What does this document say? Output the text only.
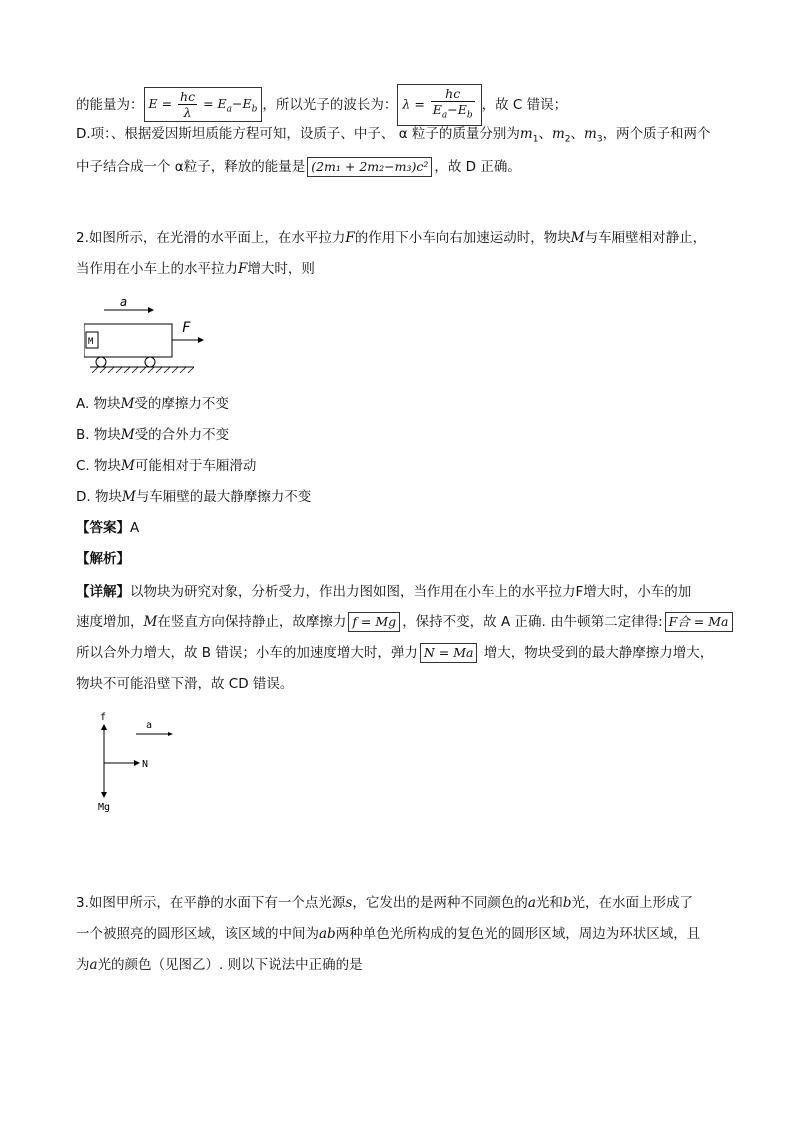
的能量为： $E = \frac{hc}{\lambda} = E_a-E_b$ ，所以光子的波长为： $\lambda = \frac{hc}{E_a-E_b}$ ，故 C 错误；
D.项：、根据爱因斯坦质能方程可知，设质子、中子、 α 粒子的质量分别为$m_1$、$m_2$、$m_3$，两个质子和两个
中子结合成一个 α粒子，释放的能量是 (2m₁ + 2m₂−m₃)c² ，故 D 正确。
2.如图所示，在光滑的水平面上，在水平拉力F的作用下小车向右加速运动时，物块M与车厢壁相对静止，
当作用在小车上的水平拉力F增大时，则
a
M
F
A. 物块M受的摩擦力不变
B. 物块M受的合外力不变
C. 物块M可能相对于车厢滑动
D. 物块M与车厢壁的最大静摩擦力不变
【答案】A
【解析】
【详解】以物块为研究对象，分析受力，作出力图如图，当作用在小车上的水平拉力F增大时，小车的加
速度增加，M在竖直方向保持静止，故摩擦力 f = Mg ，保持不变，故 A 正确. 由牛顿第二定律得: F合 = Ma
所以合外力增大，故 B 错误；小车的加速度增大时，弹力 N = Ma 增大，物块受到的最大静摩擦力增大，
物块不可能沿壁下滑，故 CD 错误。
f
a
N
Mg
3.如图甲所示，在平静的水面下有一个点光源s，它发出的是两种不同颜色的a光和b光，在水面上形成了
一个被照亮的圆形区域，该区域的中间为ab两种单色光所构成的复色光的圆形区域，周边为环状区域，且
为a光的颜色（见图乙）. 则以下说法中正确的是
